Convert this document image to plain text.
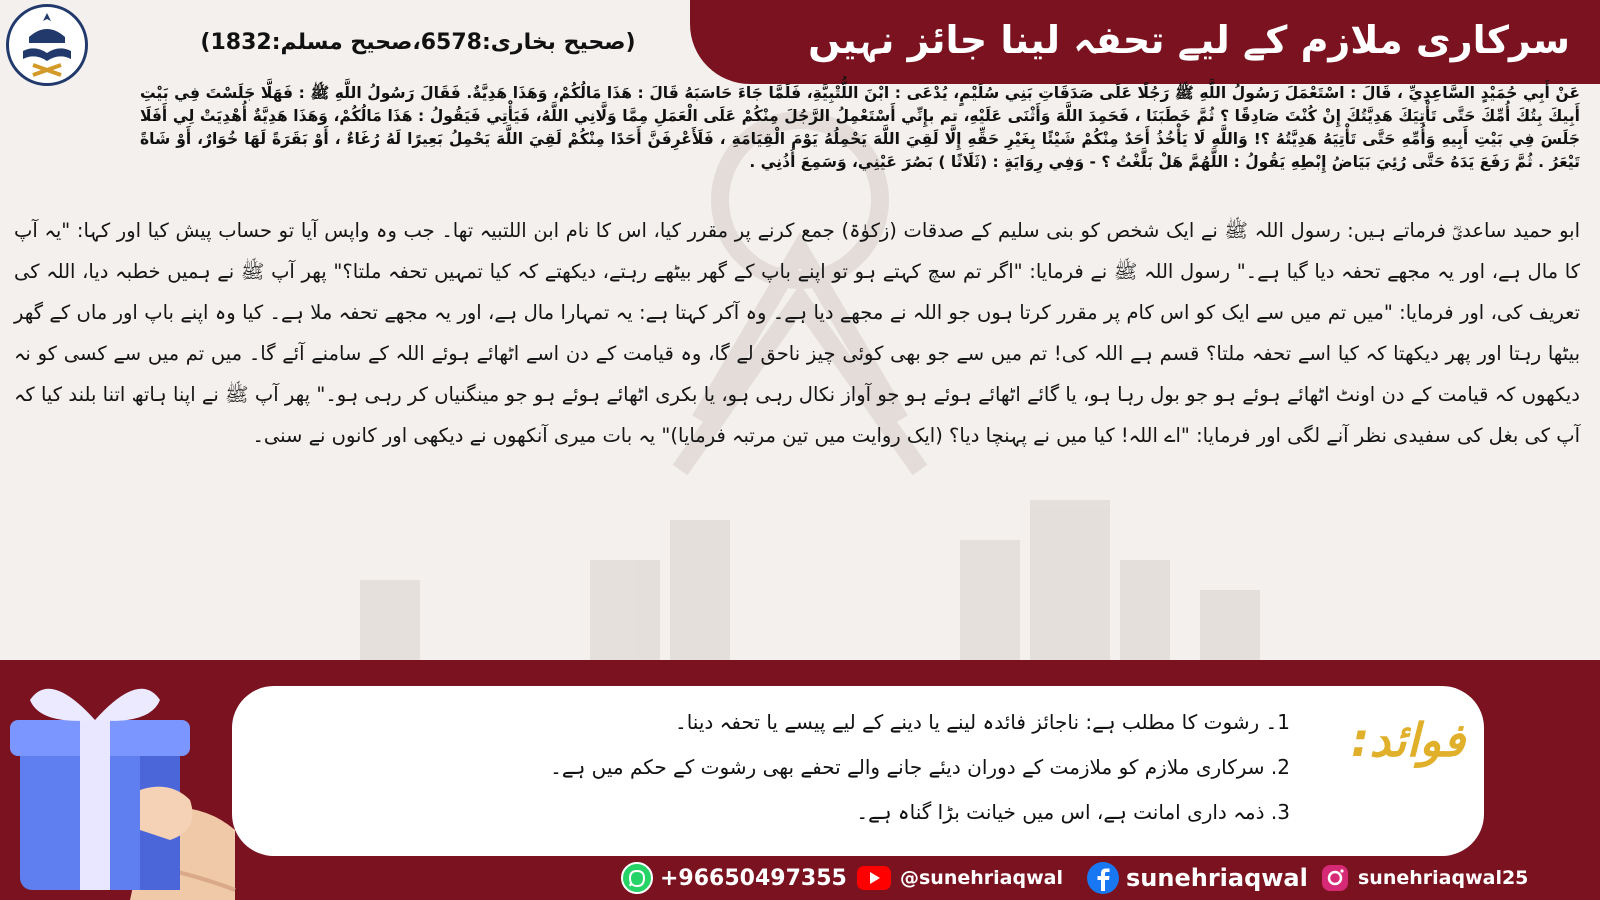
(صحیح بخاری:6578،صحیح مسلم:1832)	سرکاری ملازم کے لیے تحفہ لینا جائز نہیں
عَنْ أَبِي حُمَيْدٍ السَّاعِدِيِّ ، قَالَ : اسْتَعْمَلَ رَسُولُ اللَّهِ ﷺ رَجُلًا عَلَى صَدَقَاتِ بَنِي سُلَيْمٍ، يُدْعَى : ابْنَ اللُّتْبِيَّةِ، فَلَمَّا جَاءَ حَاسَبَهُ قَالَ : هَذَا مَالُكُمْ، وَهَذَا هَدِيَّةٌ. فَقَالَ رَسُولُ اللَّهِ ﷺ : فَهَلَّا جَلَسْتَ فِي بَيْتِ أَبِيكَ بِتُكَ أُمِّكَ حَتَّى تَأْتِيَكَ هَدِيَّتُكَ إِنْ كُنْتَ صَادِقًا ؟ ثُمَّ خَطَبَنَا ، فَحَمِدَ اللَّهَ وَأَثْنَى عَلَيْهِ، تم بإِنِّي أَسْتَعْمِلُ الرَّجُلَ مِنْكُمْ عَلَى الْعَمَلِ مِمَّا وَلَّانِي اللَّهُ، فَيَأْتِي فَيَقُولُ : هَذَا مَالُكُمْ، وَهَذَا هَدِيَّةٌ أُهْدِيَتْ لِي أَفَلَا جَلَسَ فِي بَيْتِ أَبِيهِ وَأُمِّهِ حَتَّى تَأْتِيَهُ هَدِيَّتُهُ ؟! وَاللَّهِ لَا يَأْخُذُ أَحَدٌ مِنْكُمْ شَيْئًا بِغَيْرِ حَقِّهِ إِلَّا لَقِيَ اللَّهَ يَحْمِلُهُ يَوْمَ الْقِيَامَةِ ، فَلَأَعْرِفَنَّ أَحَدًا مِنْكُمْ لَقِيَ اللَّهَ يَحْمِلُ بَعِيرًا لَهُ رُغَاءٌ ، أَوْ بَقَرَةً لَهَا خُوَارٌ، أَوْ شَاةً تَيْعَرُ . ثُمَّ رَفَعَ يَدَهُ حَتَّى رُئِيَ بَيَاضُ إِبْطِهِ يَقُولُ : اللَّهُمَّ هَلْ بَلَّغْتُ ؟ - وَفِي رِوَايَةٍ : (ثَلَاثًا ) بَصُرَ عَيْنِي، وَسَمِعَ أُذُنِي .
ابو حمید ساعدیؓ فرماتے ہیں: رسول اللہ ﷺ نے ایک شخص کو بنی سلیم کے صدقات (زکوٰۃ) جمع کرنے پر مقرر کیا، اس کا نام ابن اللتبیہ تھا۔ جب وہ واپس آیا تو حساب پیش کیا اور کہا: "یہ آپ کا مال ہے، اور یہ مجھے تحفہ دیا گیا ہے۔" رسول اللہ ﷺ نے فرمایا: "اگر تم سچ کہتے ہو تو اپنے باپ کے گھر بیٹھے رہتے، دیکھتے کہ کیا تمہیں تحفہ ملتا؟" پھر آپ ﷺ نے ہمیں خطبہ دیا، اللہ کی تعریف کی، اور فرمایا: "میں تم میں سے ایک کو اس کام پر مقرر کرتا ہوں جو اللہ نے مجھے دیا ہے۔ وہ آکر کہتا ہے: یہ تمہارا مال ہے، اور یہ مجھے تحفہ ملا ہے۔ کیا وہ اپنے باپ اور ماں کے گھر بیٹھا رہتا اور پھر دیکھتا کہ کیا اسے تحفہ ملتا؟ قسم ہے اللہ کی! تم میں سے جو بھی کوئی چیز ناحق لے گا، وہ قیامت کے دن اسے اٹھائے ہوئے اللہ کے سامنے آئے گا۔ میں تم میں سے کسی کو نہ دیکھوں کہ قیامت کے دن اونٹ اٹھائے ہوئے ہو جو بول رہا ہو، یا گائے اٹھائے ہوئے ہو جو آواز نکال رہی ہو، یا بکری اٹھائے ہوئے ہو جو مینگنیاں کر رہی ہو۔" پھر آپ ﷺ نے اپنا ہاتھ اتنا بلند کیا کہ آپ کی بغل کی سفیدی نظر آنے لگی اور فرمایا: "اے اللہ! کیا میں نے پہنچا دیا؟ (ایک روایت میں تین مرتبہ فرمایا)" یہ بات میری آنکھوں نے دیکھی اور کانوں نے سنی۔
فوائد:
1۔ رشوت کا مطلب ہے: ناجائز فائدہ لینے یا دینے کے لیے پیسے یا تحفہ دینا۔
2. سرکاری ملازم کو ملازمت کے دوران دیئے جانے والے تحفے بھی رشوت کے حکم میں ہے۔
3. ذمہ داری امانت ہے، اس میں خیانت بڑا گناہ ہے۔
+96650497355	@sunehriaqwal	sunehriaqwal	sunehriaqwal25
